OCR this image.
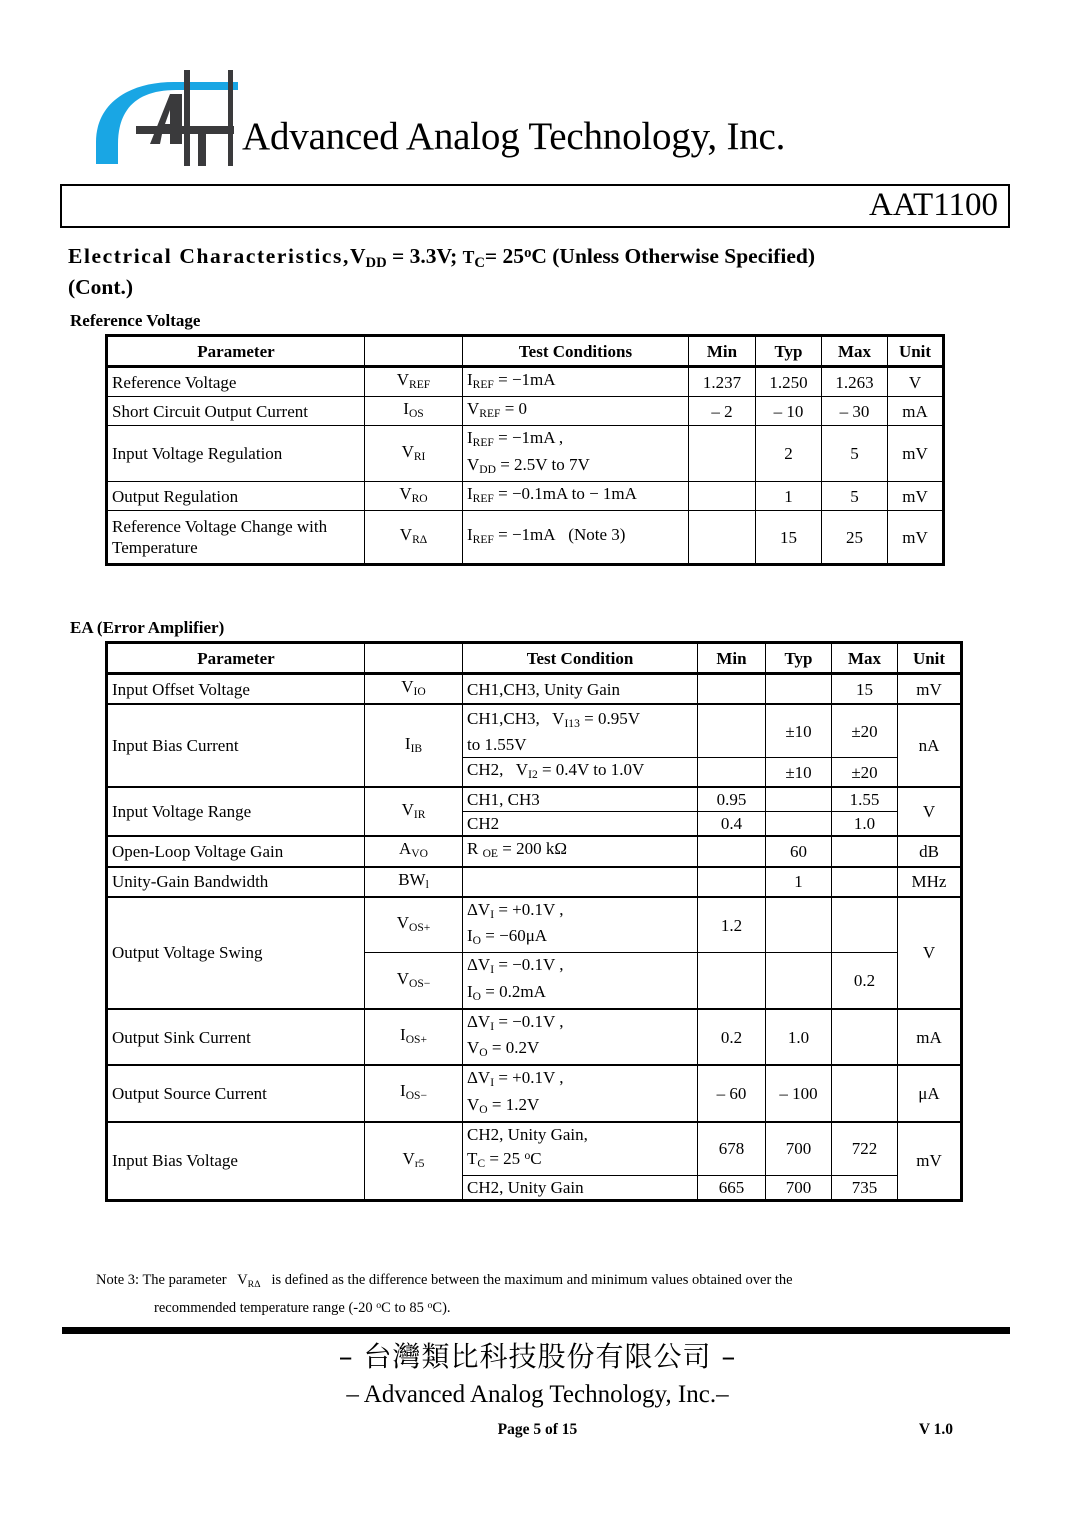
Advanced Analog Technology, Inc.
AAT1100
Electrical $Characteristics,V_{DD} = 3.3V$; $T_C= 25^oC$ (Unless Otherwise Specified)
(Cont.)
Reference Voltage
Parameter		Test Conditions	Min	Typ	Max	Unit
Reference Voltage	$V_{REF}$	$I_{REF} = -1mA$	1.237	1.250	1.263	V
Short Circuit Output Current	$I_{OS}$	$V_{REF} = 0$	– 2	– 10	– 30	mA
Input Voltage Regulation	$V_{RI}$	$I_{REF} = -1mA$ ,
$V_{DD} = 2.5V$ to 7V		2	5	mV
Output Regulation	$V_{RO}$	$I_{REF} = -0.1mA$ to − 1mA		1	5	mV
Reference Voltage Change with Temperature	$V_{R\Delta}$	$I_{REF} = -1mA$   (Note 3)		15	25	mV
EA (Error Amplifier)
Parameter		Test Condition	Min	Typ	Max	Unit
Input Offset Voltage	$V_{IO}$	CH1,CH3, Unity Gain			15	mV
Input Bias Current	$I_{IB}$	CH1,CH3,   $V_{I13} = 0.95V$
to 1.55V		±10	±20	nA
		CH2,   $V_{I2} = 0.4V$ to 1.0V		±10	±20	
Input Voltage Range	$V_{IR}$	CH1, CH3	0.95		1.55	V
		CH2	0.4		1.0	
Open-Loop Voltage Gain	$A_{VO}$	R $_{OE}$ = 200 kΩ		60		dB
Unity-Gain Bandwidth	$BW_l$			1		MHz
Output Voltage Swing	$V_{OS+}$	$\Delta V_I = +0.1V$ ,
$I_O = -60\mu A$	1.2			V
	$V_{OS-}$	$\Delta V_I = -0.1V$ ,
$I_O = 0.2mA$			0.2	
Output Sink Current	$I_{OS+}$	$\Delta V_I = -0.1V$ ,
$V_O = 0.2V$	0.2	1.0		mA
Output Source Current	$I_{OS-}$	$\Delta V_I = +0.1V$ ,
$V_O = 1.2V$	– 60	– 100		μA
Input Bias Voltage	$V_{r5}$	CH2, Unity Gain,
$T_C = 25$ $^o$C	678	700	722	mV
		CH2, Unity Gain	665	700	735	
Note 3: The parameter   $V_{R\Delta}$   is defined as the difference between the maximum and minimum values obtained over the
recommended temperature range (-20 $^o$C to 85 $^o$C).
– 台灣類比科技股份有限公司 –
– Advanced Analog Technology, Inc.–
Page 5 of 15	V 1.0
